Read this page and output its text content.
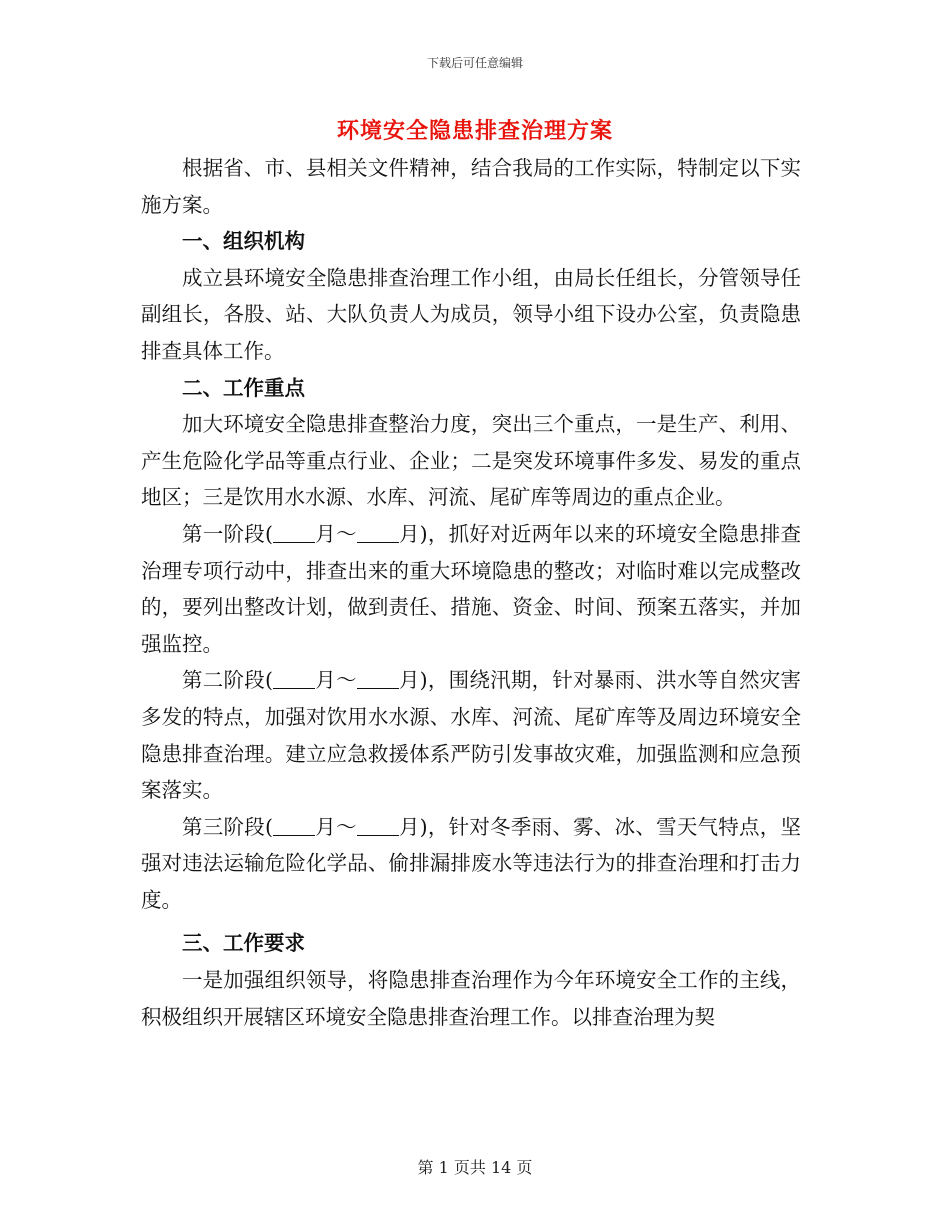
下载后可任意编辑
环境安全隐患排查治理方案

根据省、市、县相关文件精神，结合我局的工作实际，特制定以下实施方案。

一、组织机构

成立县环境安全隐患排查治理工作小组，由局长任组长，分管领导任副组长，各股、站、大队负责人为成员，领导小组下设办公室，负责隐患排查具体工作。

二、工作重点

加大环境安全隐患排查整治力度，突出三个重点，一是生产、利用、产生危险化学品等重点行业、企业；二是突发环境事件多发、易发的重点地区；三是饮用水水源、水库、河流、尾矿库等周边的重点企业。

第一阶段( 月～ 月)，抓好对近两年以来的环境安全隐患排查治理专项行动中，排查出来的重大环境隐患的整改；对临时难以完成整改的，要列出整改计划，做到责任、措施、资金、时间、预案五落实，并加强监控。

第二阶段( 月～ 月)，围绕汛期，针对暴雨、洪水等自然灾害多发的特点，加强对饮用水水源、水库、河流、尾矿库等及周边环境安全隐患排查治理。建立应急救援体系严防引发事故灾难，加强监测和应急预案落实。

第三阶段( 月～ 月)，针对冬季雨、雾、冰、雪天气特点，坚强对违法运输危险化学品、偷排漏排废水等违法行为的排查治理和打击力度。

三、工作要求

一是加强组织领导，将隐患排查治理作为今年环境安全工作的主线，积极组织开展辖区环境安全隐患排查治理工作。以排查治理为契

第 1 页共 14 页
